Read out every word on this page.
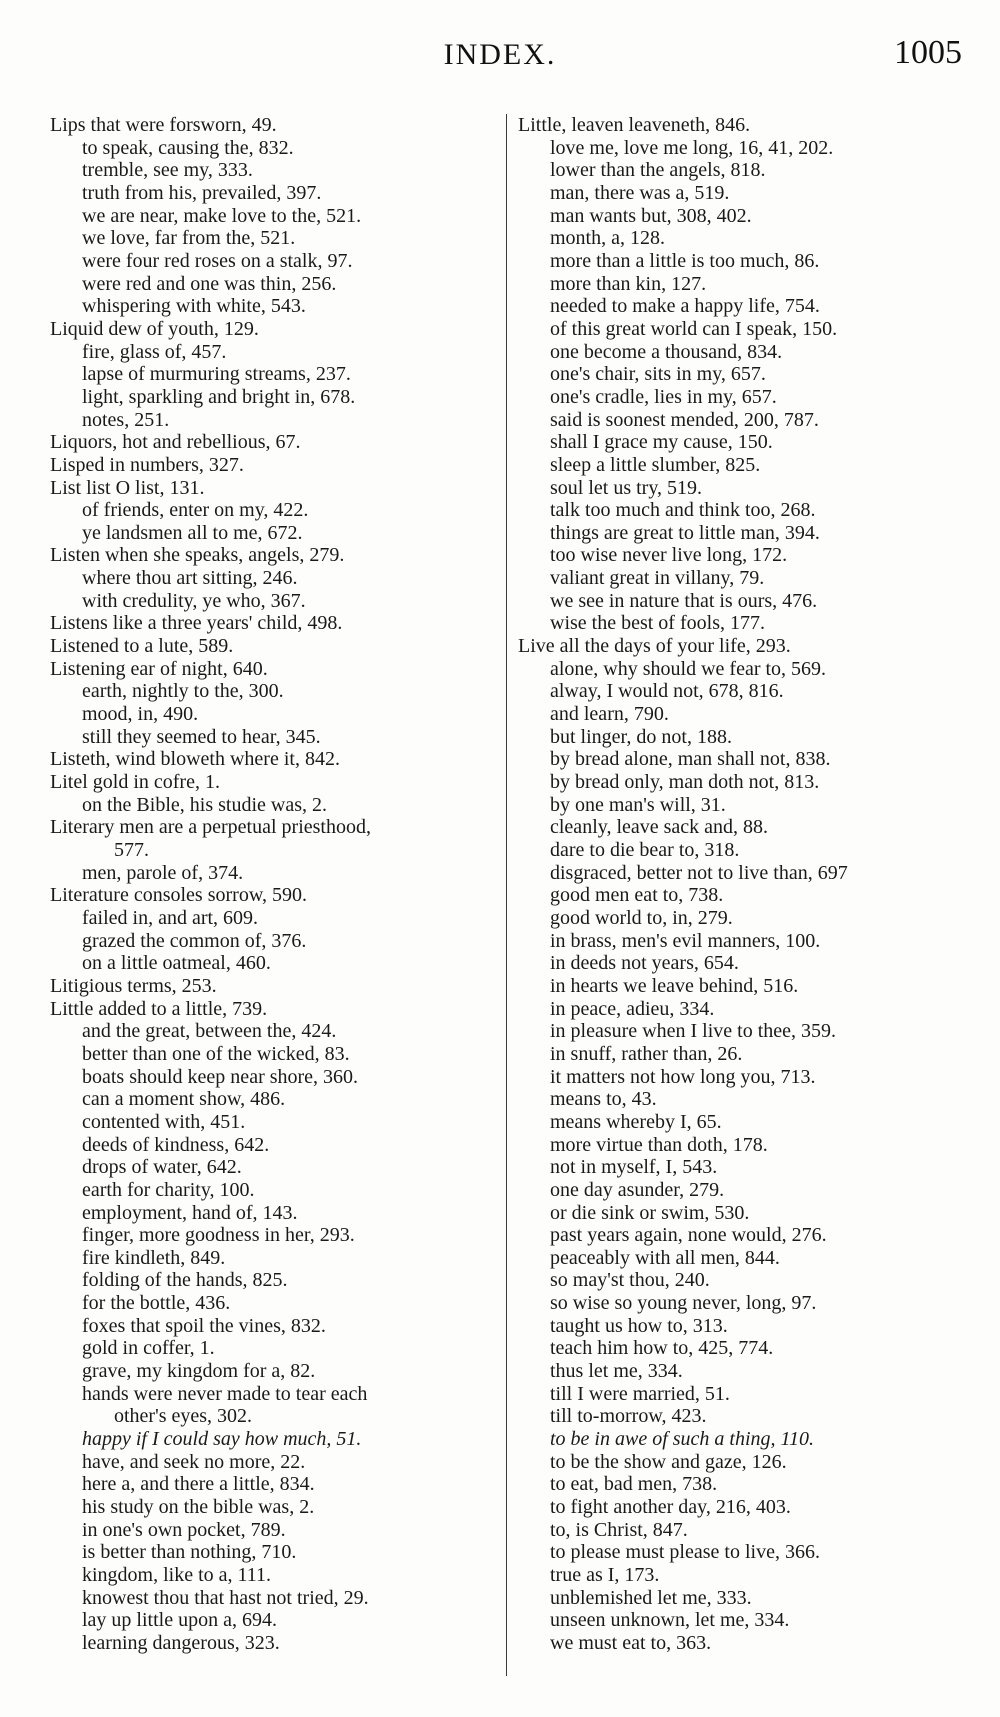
INDEX.	1005
Lips that were forsworn, 49.
to speak, causing the, 832.
tremble, see my, 333.
truth from his, prevailed, 397.
we are near, make love to the, 521.
we love, far from the, 521.
were four red roses on a stalk, 97.
were red and one was thin, 256.
whispering with white, 543.
Liquid dew of youth, 129.
fire, glass of, 457.
lapse of murmuring streams, 237.
light, sparkling and bright in, 678.
notes, 251.
Liquors, hot and rebellious, 67.
Lisped in numbers, 327.
List list O list, 131.
of friends, enter on my, 422.
ye landsmen all to me, 672.
Listen when she speaks, angels, 279.
where thou art sitting, 246.
with credulity, ye who, 367.
Listens like a three years' child, 498.
Listened to a lute, 589.
Listening ear of night, 640.
earth, nightly to the, 300.
mood, in, 490.
still they seemed to hear, 345.
Listeth, wind bloweth where it, 842.
Litel gold in cofre, 1.
on the Bible, his studie was, 2.
Literary men are a perpetual priesthood,
577.
men, parole of, 374.
Literature consoles sorrow, 590.
failed in, and art, 609.
grazed the common of, 376.
on a little oatmeal, 460.
Litigious terms, 253.
Little added to a little, 739.
and the great, between the, 424.
better than one of the wicked, 83.
boats should keep near shore, 360.
can a moment show, 486.
contented with, 451.
deeds of kindness, 642.
drops of water, 642.
earth for charity, 100.
employment, hand of, 143.
finger, more goodness in her, 293.
fire kindleth, 849.
folding of the hands, 825.
for the bottle, 436.
foxes that spoil the vines, 832.
gold in coffer, 1.
grave, my kingdom for a, 82.
hands were never made to tear each
other's eyes, 302.
happy if I could say how much, 51.
have, and seek no more, 22.
here a, and there a little, 834.
his study on the bible was, 2.
in one's own pocket, 789.
is better than nothing, 710.
kingdom, like to a, 111.
knowest thou that hast not tried, 29.
lay up little upon a, 694.
learning dangerous, 323.
Little, leaven leaveneth, 846.
love me, love me long, 16, 41, 202.
lower than the angels, 818.
man, there was a, 519.
man wants but, 308, 402.
month, a, 128.
more than a little is too much, 86.
more than kin, 127.
needed to make a happy life, 754.
of this great world can I speak, 150.
one become a thousand, 834.
one's chair, sits in my, 657.
one's cradle, lies in my, 657.
said is soonest mended, 200, 787.
shall I grace my cause, 150.
sleep a little slumber, 825.
soul let us try, 519.
talk too much and think too, 268.
things are great to little man, 394.
too wise never live long, 172.
valiant great in villany, 79.
we see in nature that is ours, 476.
wise the best of fools, 177.
Live all the days of your life, 293.
alone, why should we fear to, 569.
alway, I would not, 678, 816.
and learn, 790.
but linger, do not, 188.
by bread alone, man shall not, 838.
by bread only, man doth not, 813.
by one man's will, 31.
cleanly, leave sack and, 88.
dare to die bear to, 318.
disgraced, better not to live than, 697
good men eat to, 738.
good world to, in, 279.
in brass, men's evil manners, 100.
in deeds not years, 654.
in hearts we leave behind, 516.
in peace, adieu, 334.
in pleasure when I live to thee, 359.
in snuff, rather than, 26.
it matters not how long you, 713.
means to, 43.
means whereby I, 65.
more virtue than doth, 178.
not in myself, I, 543.
one day asunder, 279.
or die sink or swim, 530.
past years again, none would, 276.
peaceably with all men, 844.
so may'st thou, 240.
so wise so young never, long, 97.
taught us how to, 313.
teach him how to, 425, 774.
thus let me, 334.
till I were married, 51.
till to-morrow, 423.
to be in awe of such a thing, 110.
to be the show and gaze, 126.
to eat, bad men, 738.
to fight another day, 216, 403.
to, is Christ, 847.
to please must please to live, 366.
true as I, 173.
unblemished let me, 333.
unseen unknown, let me, 334.
we must eat to, 363.
